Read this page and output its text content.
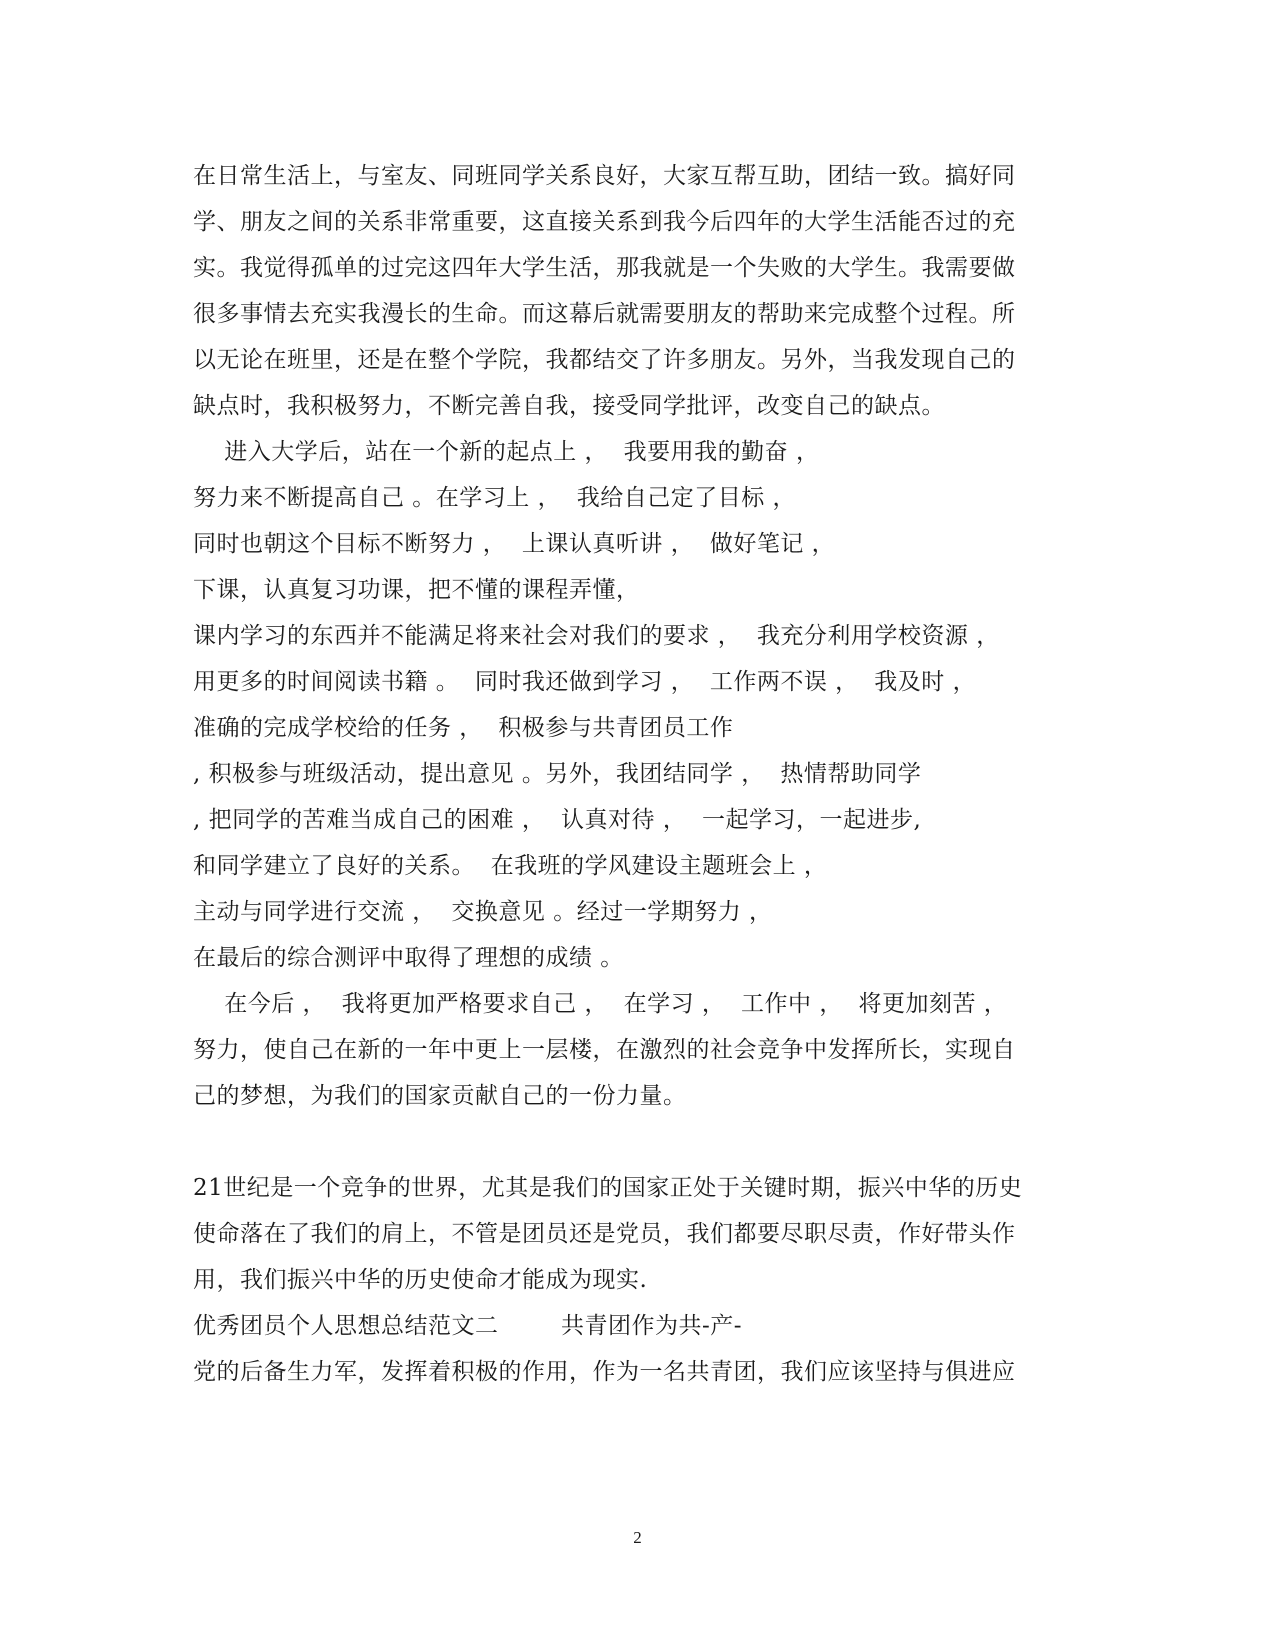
在日常生活上，与室友、同班同学关系良好，大家互帮互助，团结一致。搞好同
学、朋友之间的关系非常重要，这直接关系到我今后四年的大学生活能否过的充
实。我觉得孤单的过完这四年大学生活，那我就是一个失败的大学生。我需要做
很多事情去充实我漫长的生命。而这幕后就需要朋友的帮助来完成整个过程。所
以无论在班里，还是在整个学院，我都结交了许多朋友。另外，当我发现自己的
缺点时，我积极努力，不断完善自我，接受同学批评，改变自己的缺点。
进入大学后，站在一个新的起点上 ，  我要用我的勤奋 ，
努力来不断提高自己 。在学习上 ，  我给自己定了目标 ，
同时也朝这个目标不断努力 ，  上课认真听讲 ，  做好笔记 ，
下课，认真复习功课，把不懂的课程弄懂，
课内学习的东西并不能满足将来社会对我们的要求 ，  我充分利用学校资源 ，
用更多的时间阅读书籍 。  同时我还做到学习 ，  工作两不误 ，  我及时 ，
准确的完成学校给的任务 ，  积极参与共青团员工作
, 积极参与班级活动，提出意见 。另外，我团结同学 ，  热情帮助同学
, 把同学的苦难当成自己的困难 ，  认真对待 ，  一起学习，一起进步,
和同学建立了良好的关系。  在我班的学风建设主题班会上 ，
主动与同学进行交流 ，  交换意见 。经过一学期努力 ，
在最后的综合测评中取得了理想的成绩 。
在今后 ，  我将更加严格要求自己 ，  在学习 ，  工作中 ，  将更加刻苦 ，
努力，使自己在新的一年中更上一层楼，在激烈的社会竞争中发挥所长，实现自
己的梦想，为我们的国家贡献自己的一份力量。
21世纪是一个竞争的世界，尤其是我们的国家正处于关键时期，振兴中华的历史
使命落在了我们的肩上，不管是团员还是党员，我们都要尽职尽责，作好带头作
用，我们振兴中华的历史使命才能成为现实.
优秀团员个人思想总结范文二        共青团作为共-产-
党的后备生力军，发挥着积极的作用，作为一名共青团，我们应该坚持与俱进应
2
